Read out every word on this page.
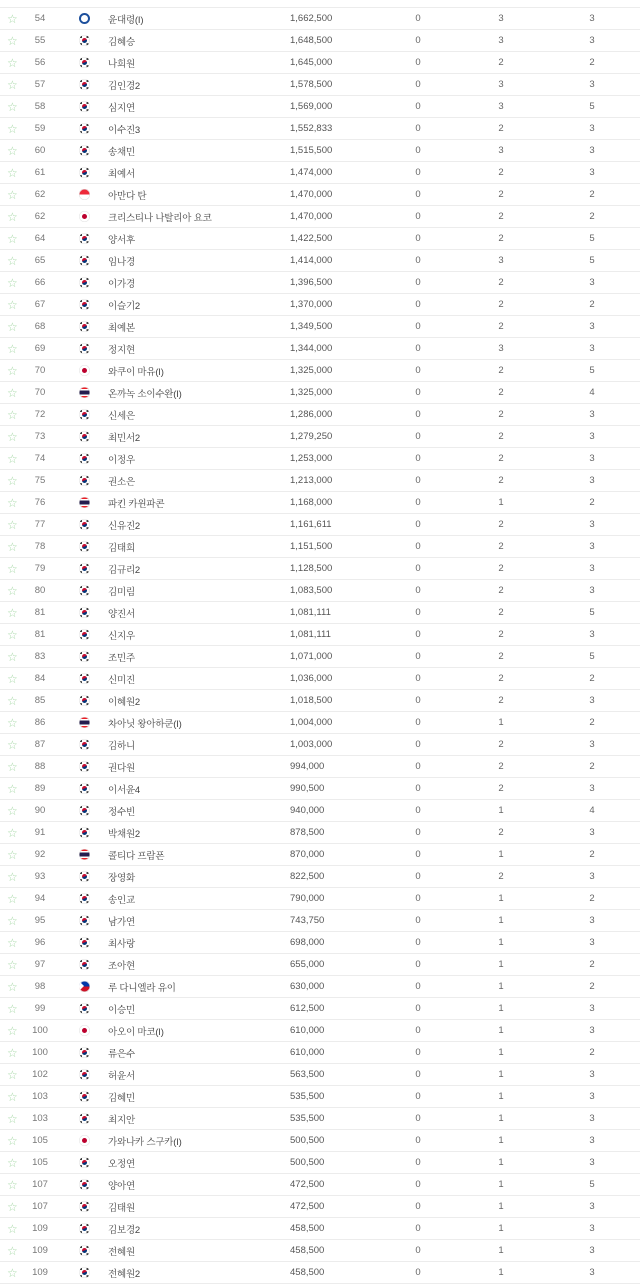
☆	54	윤대령(I)	1,662,500	0	3	3
☆	55	김혜승	1,648,500	0	3	3
☆	56	나희원	1,645,000	0	2	2
☆	57	김인경2	1,578,500	0	3	3
☆	58	심지연	1,569,000	0	3	5
☆	59	이수진3	1,552,833	0	2	3
☆	60	송채민	1,515,500	0	3	3
☆	61	최예서	1,474,000	0	2	3
☆	62	아만다 탄	1,470,000	0	2	2
☆	62	크리스티나 나탈리아 요코	1,470,000	0	2	2
☆	64	양서후	1,422,500	0	2	5
☆	65	임나경	1,414,000	0	3	5
☆	66	이가경	1,396,500	0	2	3
☆	67	이슬기2	1,370,000	0	2	2
☆	68	최예본	1,349,500	0	2	3
☆	69	정지현	1,344,000	0	3	3
☆	70	와쿠이 마유(I)	1,325,000	0	2	5
☆	70	온까녹 소이수완(I)	1,325,000	0	2	4
☆	72	신세은	1,286,000	0	2	3
☆	73	최민서2	1,279,250	0	2	3
☆	74	이정우	1,253,000	0	2	3
☆	75	권소은	1,213,000	0	2	3
☆	76	파킨 카윈파콘	1,168,000	0	1	2
☆	77	신유진2	1,161,611	0	2	3
☆	78	김태희	1,151,500	0	2	3
☆	79	김규리2	1,128,500	0	2	3
☆	80	김미림	1,083,500	0	2	3
☆	81	양진서	1,081,111	0	2	5
☆	81	신지우	1,081,111	0	2	3
☆	83	조민주	1,071,000	0	2	5
☆	84	신미진	1,036,000	0	2	2
☆	85	이혜원2	1,018,500	0	2	3
☆	86	차아닛 왕아하쿤(I)	1,004,000	0	1	2
☆	87	김하니	1,003,000	0	2	3
☆	88	권다원	994,000	0	2	2
☆	89	이서윤4	990,500	0	2	3
☆	90	정수빈	940,000	0	1	4
☆	91	박채원2	878,500	0	2	3
☆	92	콜티다 프람폰	870,000	0	1	2
☆	93	장영화	822,500	0	2	3
☆	94	송인교	790,000	0	1	2
☆	95	남가연	743,750	0	1	3
☆	96	최사랑	698,000	0	1	3
☆	97	조아현	655,000	0	1	2
☆	98	루 다니엘라 유이	630,000	0	1	2
☆	99	이승민	612,500	0	1	3
☆	100	아오이 마코(I)	610,000	0	1	3
☆	100	류은수	610,000	0	1	2
☆	102	허윤서	563,500	0	1	3
☆	103	김혜민	535,500	0	1	3
☆	103	최지안	535,500	0	1	3
☆	105	가와나카 스구카(I)	500,500	0	1	3
☆	105	오정연	500,500	0	1	3
☆	107	양아연	472,500	0	1	5
☆	107	김태원	472,500	0	1	3
☆	109	김보경2	458,500	0	1	3
☆	109	전혜원	458,500	0	1	3
☆	109	전혜원2	458,500	0	1	3
